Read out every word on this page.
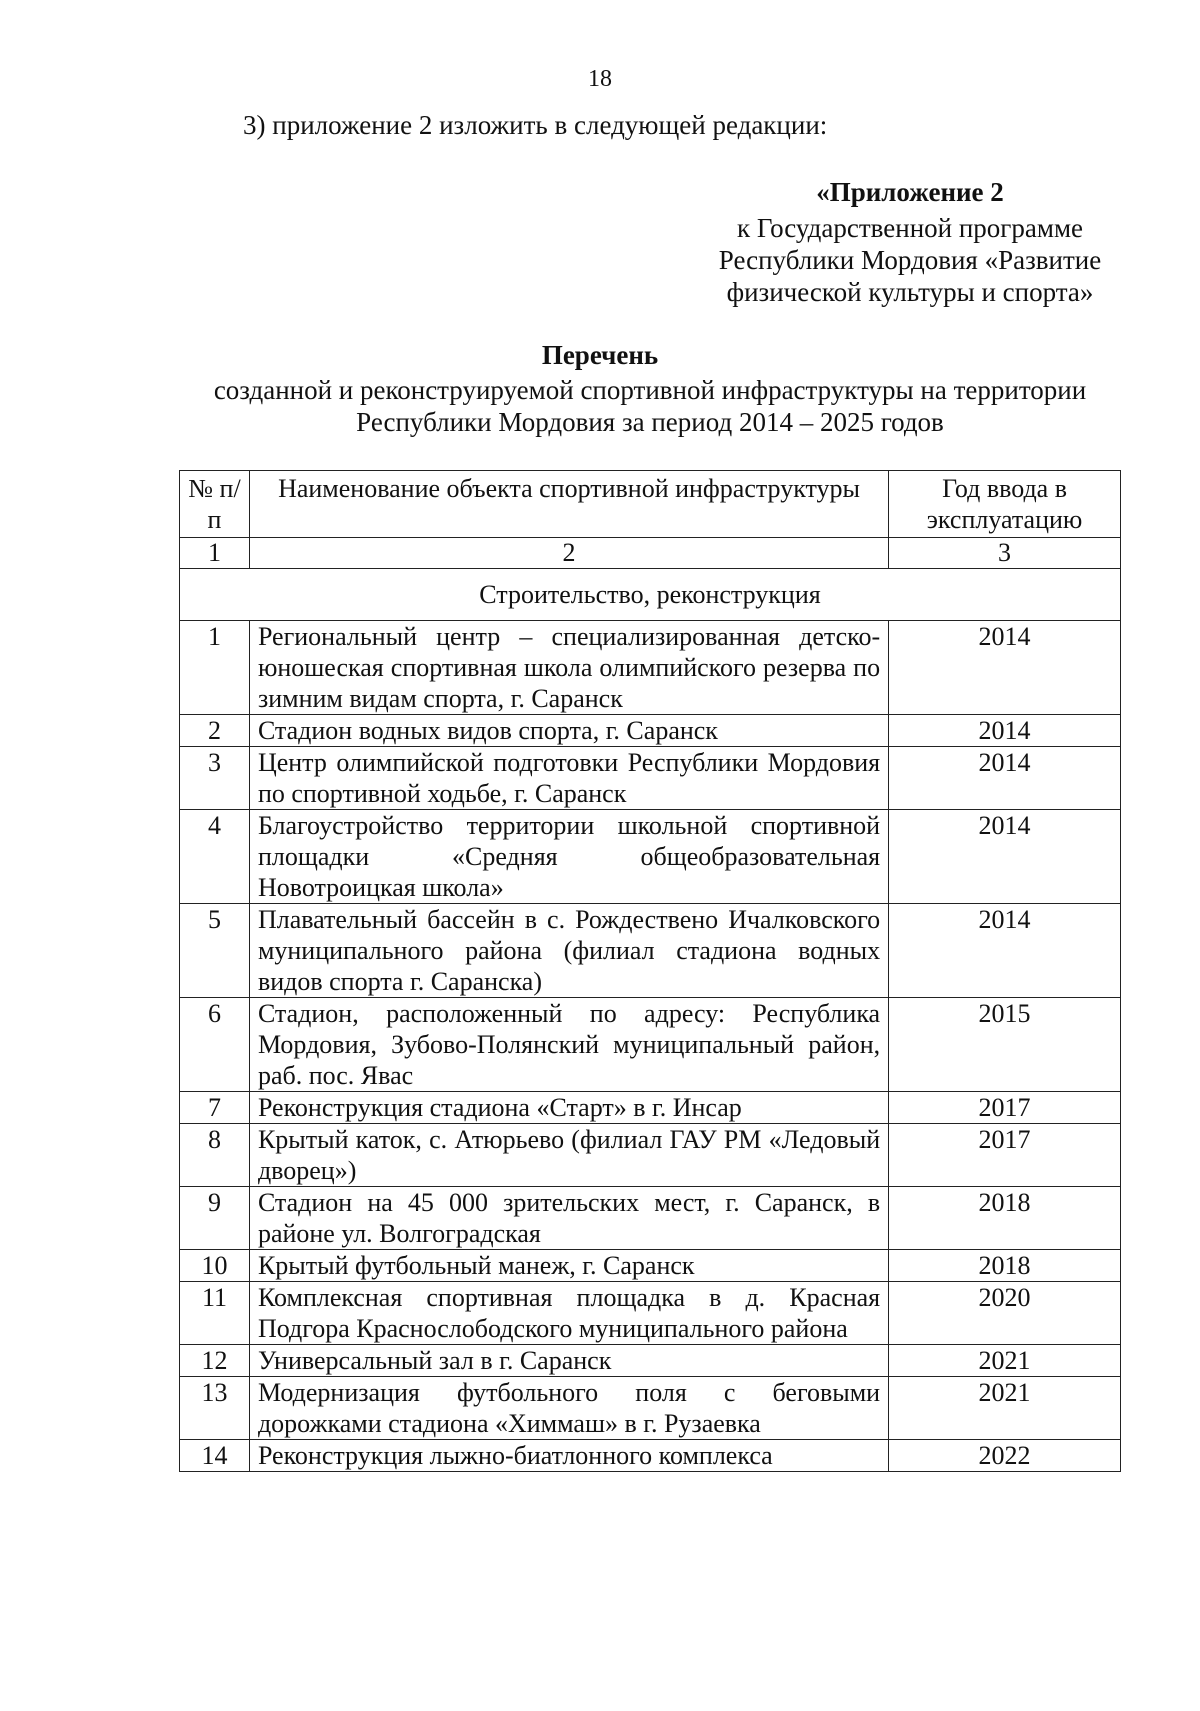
18
3) приложение 2 изложить в следующей редакции:
«Приложение 2
к Государственной программе
Республики Мордовия «Развитие
физической культуры и спорта»
Перечень
созданной и реконструируемой спортивной инфраструктуры на территории
Республики Мордовия за период 2014 – 2025 годов
№ п/п	Наименование объекта спортивной инфраструктуры	Год ввода в эксплуатацию
1	2	3
Строительство, реконструкция		
1	Региональный центр – специализированная детско-юношеская спортивная школа олимпийского резерва по зимним видам спорта, г. Саранск	2014
2	Стадион водных видов спорта, г. Саранск	2014
3	Центр олимпийской подготовки Республики Мордовия по спортивной ходьбе, г. Саранск	2014
4	Благоустройство территории школьной спортивной площадки «Средняя общеобразовательная Новотроицкая школа»	2014
5	Плавательный бассейн в с. Рождествено Ичалковского муниципального района (филиал стадиона водных видов спорта г. Саранска)	2014
6	Стадион, расположенный по адресу: Республика Мордовия, Зубово-Полянский муниципальный район, раб. пос. Явас	2015
7	Реконструкция стадиона «Старт» в г. Инсар	2017
8	Крытый каток, с. Атюрьево (филиал ГАУ РМ «Ледовый дворец»)	2017
9	Стадион на 45 000 зрительских мест, г. Саранск, в районе ул. Волгоградская	2018
10	Крытый футбольный манеж, г. Саранск	2018
11	Комплексная спортивная площадка в д. Красная Подгора Краснослободского муниципального района	2020
12	Универсальный зал в г. Саранск	2021
13	Модернизация футбольного поля с беговыми дорожками стадиона «Химмаш» в г. Рузаевка	2021
14	Реконструкция лыжно-биатлонного комплекса	2022
